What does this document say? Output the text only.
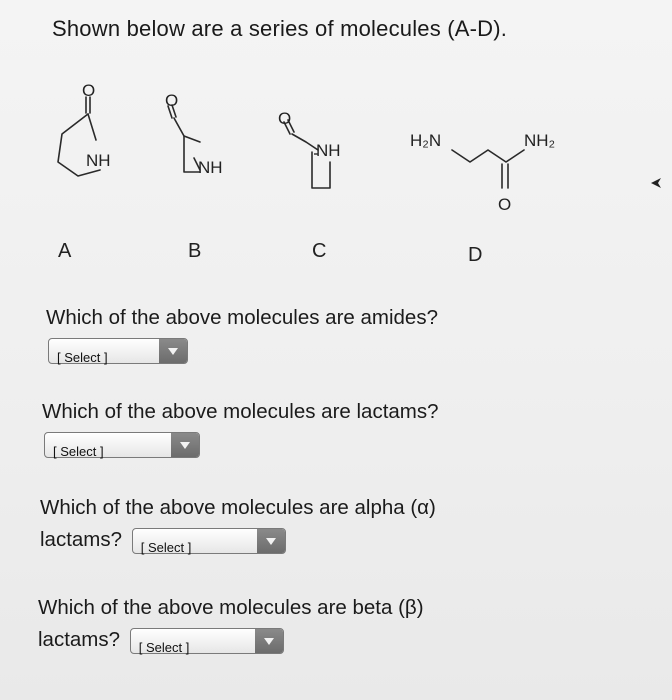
Shown below are a series of molecules (A-D).
O
NH
O
NH
O
NH
H₂N	NH₂
O
A	B	C	D
Which of the above molecules are amides?
[ Select ]
Which of the above molecules are lactams?
[ Select ]
Which of the above molecules are alpha (α)
lactams? [ Select ]
Which of the above molecules are beta (β)
lactams? [ Select ]
